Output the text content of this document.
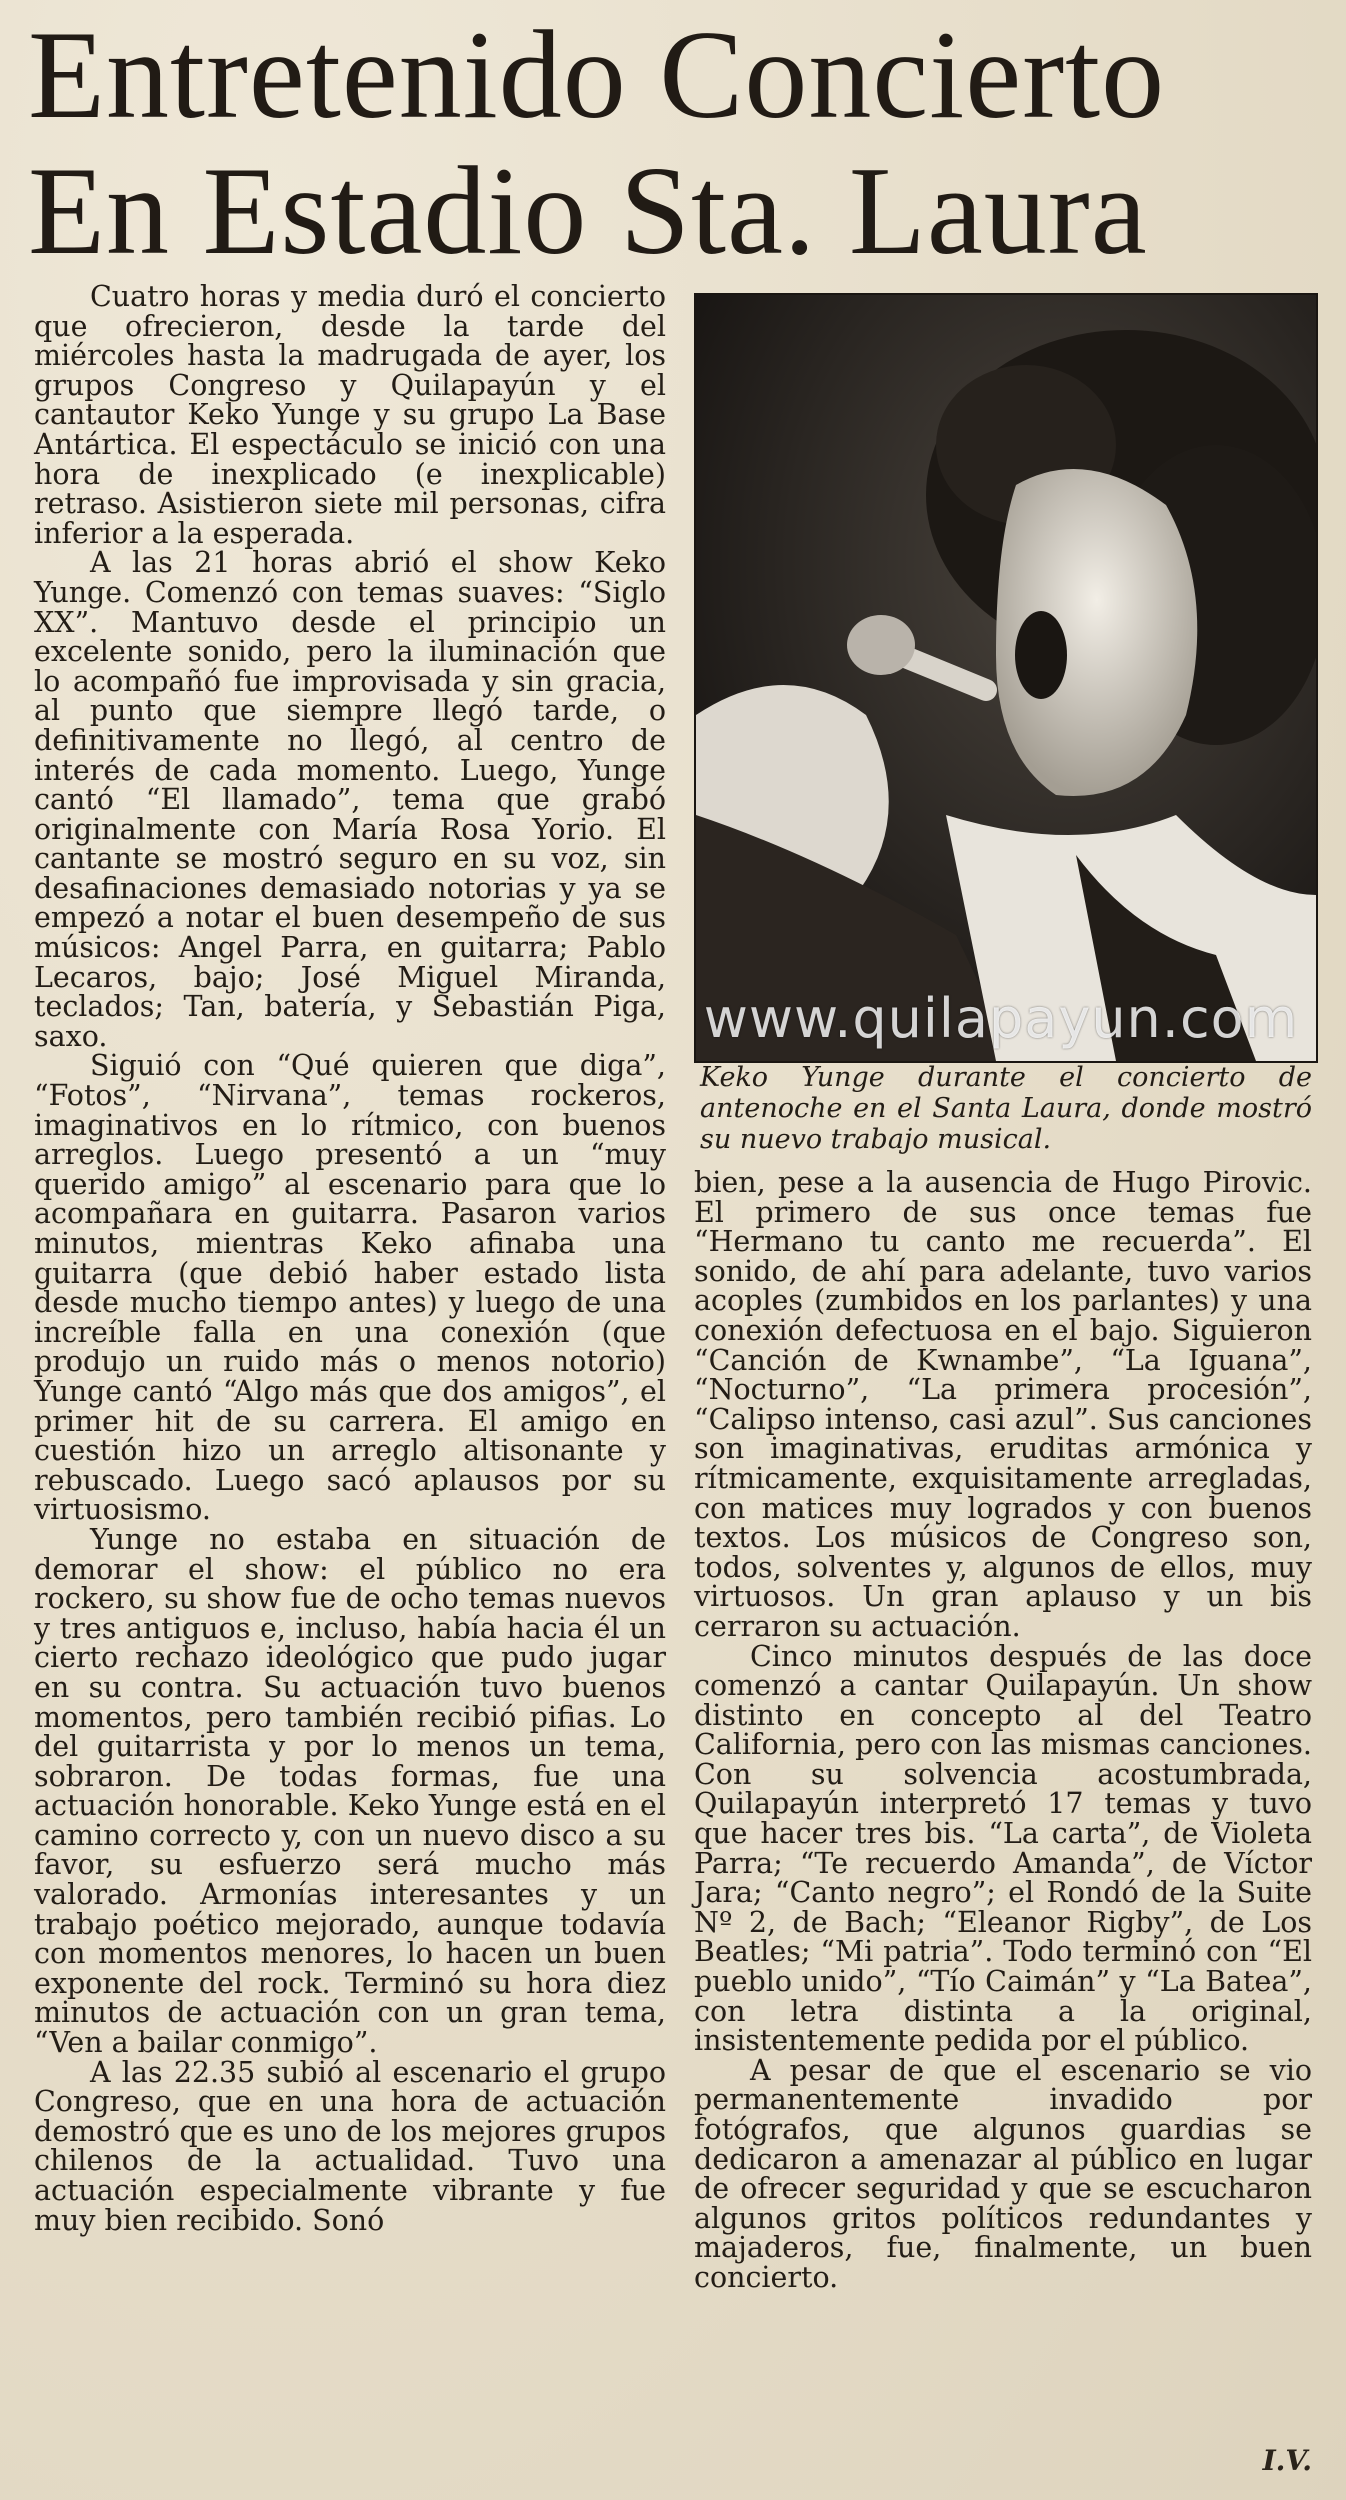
Entretenido Concierto
En Estadio Sta. Laura

Cuatro horas y media duró el concierto que ofrecieron, desde la tarde del miércoles hasta la madrugada de ayer, los grupos Congreso y Quilapayún y el cantautor Keko Yunge y su grupo La Base Antártica. El espectáculo se inició con una hora de inexplicado (e inexplicable) retraso. Asistieron siete mil personas, cifra inferior a la esperada.

A las 21 horas abrió el show Keko Yunge. Comenzó con temas suaves: “Siglo XX”. Mantuvo desde el principio un excelente sonido, pero la iluminación que lo acompañó fue improvisada y sin gracia, al punto que siempre llegó tarde, o definitivamente no llegó, al centro de interés de cada momento. Luego, Yunge cantó “El llamado”, tema que grabó originalmente con María Rosa Yorio. El cantante se mostró seguro en su voz, sin desafinaciones demasiado notorias y ya se empezó a notar el buen desempeño de sus músicos: Angel Parra, en guitarra; Pablo Lecaros, bajo; José Miguel Miranda, teclados; Tan, batería, y Sebastián Piga, saxo.

Siguió con “Qué quieren que diga”, “Fotos”, “Nirvana”, temas rockeros, imaginativos en lo rítmico, con buenos arreglos. Luego presentó a un “muy querido amigo” al escenario para que lo acompañara en guitarra. Pasaron varios minutos, mientras Keko afinaba una guitarra (que debió haber estado lista desde mucho tiempo antes) y luego de una increíble falla en una conexión (que produjo un ruido más o menos notorio) Yunge cantó “Algo más que dos amigos”, el primer hit de su carrera. El amigo en cuestión hizo un arreglo altisonante y rebuscado. Luego sacó aplausos por su virtuosismo.

Yunge no estaba en situación de demorar el show: el público no era rockero, su show fue de ocho temas nuevos y tres antiguos e, incluso, había hacia él un cierto rechazo ideológico que pudo jugar en su contra. Su actuación tuvo buenos momentos, pero también recibió pifias. Lo del guitarrista y por lo menos un tema, sobraron. De todas formas, fue una actuación honorable. Keko Yunge está en el camino correcto y, con un nuevo disco a su favor, su esfuerzo será mucho más valorado. Armonías interesantes y un trabajo poético mejorado, aunque todavía con momentos menores, lo hacen un buen exponente del rock. Terminó su hora diez minutos de actuación con un gran tema, “Ven a bailar conmigo”.

A las 22.35 subió al escenario el grupo Congreso, que en una hora de actuación demostró que es uno de los mejores grupos chilenos de la actualidad. Tuvo una actuación especialmente vibrante y fue muy bien recibido. Sonó

www.quilapayun.com
Keko Yunge durante el concierto de antenoche en el Santa Laura, donde mostró su nuevo trabajo musical.

bien, pese a la ausencia de Hugo Pirovic. El primero de sus once temas fue “Hermano tu canto me recuerda”. El sonido, de ahí para adelante, tuvo varios acoples (zumbidos en los parlantes) y una conexión defectuosa en el bajo. Siguieron “Canción de Kwnambe”, “La Iguana”, “Nocturno”, “La primera procesión”, “Calipso intenso, casi azul”. Sus canciones son imaginativas, eruditas armónica y rítmicamente, exquisitamente arregladas, con matices muy logrados y con buenos textos. Los músicos de Congreso son, todos, solventes y, algunos de ellos, muy virtuosos. Un gran aplauso y un bis cerraron su actuación.

Cinco minutos después de las doce comenzó a cantar Quilapayún. Un show distinto en concepto al del Teatro California, pero con las mismas canciones. Con su solvencia acostumbrada, Quilapayún interpretó 17 temas y tuvo que hacer tres bis. “La carta”, de Violeta Parra; “Te recuerdo Amanda”, de Víctor Jara; “Canto negro”; el Rondó de la Suite Nº 2, de Bach; “Eleanor Rigby”, de Los Beatles; “Mi patria”. Todo terminó con “El pueblo unido”, “Tío Caimán” y “La Batea”, con letra distinta a la original, insistentemente pedida por el público.

A pesar de que el escenario se vio permanentemente invadido por fotógrafos, que algunos guardias se dedicaron a amenazar al público en lugar de ofrecer seguridad y que se escucharon algunos gritos políticos redundantes y majaderos, fue, finalmente, un buen concierto.

I.V.
